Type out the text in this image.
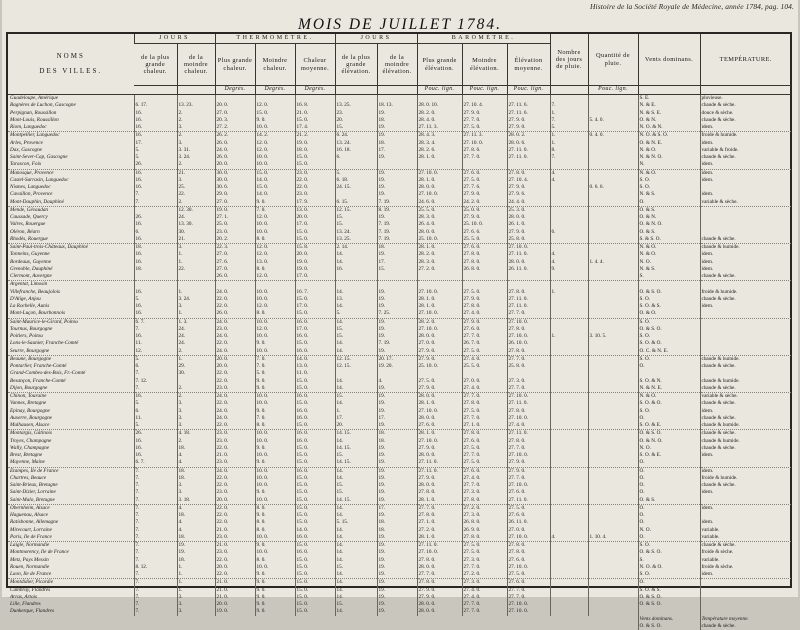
Histoire de la Société Royale de Médecine, année 1784, pag. 104.
MOIS DE JUILLET 1784.
NOMS

DES VILLES.	JOURS		THERMOMÈTRE.			JOURS		BAROMÈTRE.			Nombre des jours de pluie.	Quantité de pluie.	Vents dominans.	TEMPÉRATURE.
	de la plus grande chaleur.	de la moindre chaleur.	Plus grande chaleur.	Moindre chaleur.	Chaleur moyenne.	de la plus grande élévation.	de la moindre élévation.	Plus grande élévation.	Moindre élévation.	Élévation moyenne.				
			Degrés.	Degrés.	Degrés.			Pouc. lign.	Pouc. lign.	Pouc. lign.		Pouc. lign.		
Guadeloupe, Amérique													S. E.	pluvieuse.
Bagnères de Luchon, Gascogne	6. 17.	13. 23.	20. 0.	12. 0.	16. 8.	13. 25.	18. 13.	28. 0. 10.	27. 10. 4.	27. 11. 6.	7.		N. & E.	chaude & sèche.
Perpignan, Roussillon	16.	2.	27. 0.	15. 0.	21. 0.	23.	19.	28. 2. 0.	27. 9. 0.	27. 11. 6.	1.		N. & S. E.	douce & sèche.
Mont-Louis, Roussillon	16.	2.	20. 3.	9. 0.	15. 0.	20.	18.	28. 4. 0.	27. 7. 0.	27. 9. 0.	7.	5. 4. 0.	O. & N.	chaude & sèche.
Riom, Languedoc	16.	3.	27. 2.	10. 0.	17. 4.	15.	19.	27. 11. 3.	27. 5. 0.	27. 9. 0.	5.		N. O. & N.	idem.
Montpellier, Languedoc	16.	2.	26. 2.	14. 2.	21. 2.	6. 24.	19.	28. 4. 3.	27. 11. 3.	28. 0. 2.	1.	0. 4. 0.	N. O. & S. O.	froide & humide.
Arles, Provence	17.	3.	26. 0.	12. 0.	19. 0.	13. 24.	18.	28. 3. 4.	27. 10. 0.	28. 0. 6.	1.		O. & N. E.	idem.
Dax, Gascogne	5.	3. 31.	24. 0.	12. 0.	18. 0.	16. 18.	17.	28. 2. 6.	27. 8. 6.	27. 11. 0.	8.		N. & O.	variable & froide.
Saint-Sever-Cap, Gascogne	5.	3. 24.	26. 0.	10. 0.	15. 0.	6.	19.	28. 1. 0.	27. 7. 0.	27. 11. 0.	7.		N. & N. O.	chaude & sèche.
Tarascon, Foix	26.	2.	20. 0.	10. 0.	15. 0.								N.	idem.
Manosque, Provence	16.	21.	30. 0.	15. 0.	23. 0.	5.	19.	27. 10. 0.	27. 6. 0.	27. 8. 0.	4.		N. & O.	idem.
Castel-Sarrasin, Languedoc	16.	3.	30. 0.	14. 0.	22. 0.	6. 18.	19.	28. 1. 0.	27. 5. 0.	27. 10. 4.	4.		S. O.	idem.
Nismes, Languedoc	16.	25.	30. 6.	15. 0.	22. 0.	24. 15.	19.	28. 0. 0.	27. 7. 6.	27. 9. 0.		0. 6. 6.	S. O.	
Cavaillon, Provence	7.	22.	29. 0.	14. 0.	23. 0.		19.	27. 10. 0.	27. 9. 0.	27. 9. 6.			N. & S.	idem.
Mont-Dauphin, Dauphiné	7.	2.	27. 0.	9. 0.	17. 9.	6. 15.	7. 19.	24. 6. 0.	24. 2. 0.	24. 4. 0.			O.	variable & sèche.
Mende, Gévaudan		12. 30.	19. 0.	7. 0.	13. 0.	12. 15.	8. 19.	25. 5. 0.	25. 0. 0.	25. 3. 0.			O. & S.	
Caussade, Quercy	26.	24.	27. 1.	12. 0.	20. 0.	15.	19.	28. 3. 0.	27. 9. 0.	28. 0. 0.			O. & N.	
Valres, Rouergue	16.	13. 30.	25. 0.	10. 0.	17. 0.	15.	7. 19.	26. 4. 0.	25. 10. 0.	26. 1. 0.			O. & N. O.	
Oléron, Béarn	6.	30.	23. 0.	10. 0.	15. 0.	13. 24.	7. 19.	28. 0. 0.	27. 6. 6.	27. 9. 0.	6.		O. & S.	
Rhodès, Rouergue	16.	21.	20. 2.	8. 0.	15. 0.	13. 25.	7. 19.	25. 10. 0.	25. 5. 0.	25. 8. 0.			S. & S. O.	chaude & sèche.
Saint-Paul-trois-Châteaux, Dauphiné	18.	3.	22. 3.	12. 0.	15. 8.	2. 14.	18.	28. 1. 0.	27. 6. 0.	27. 10. 0.			N. & O.	chaude & humide.
Tonneins, Guyenne	16.	1.	27. 0.	12. 0.	20. 0.	14.	19.	28. 2. 0.	27. 8. 0.	27. 11. 0.	4.		N. & O.	idem.
Bordeaux, Guyenne	16.	1.	27. 6.	13. 0.	19. 0.	14.	17.	28. 3. 0.	27. 8. 0.	28. 0. 0.	4.	1. 4. 4.	N. O.	idem.
Grenoble, Dauphiné	18.	22.	27. 0.	8. 0.	19. 0.	16.	15.	27. 2. 0.	26. 8. 0.	26. 11. 0.	9.		N. & S.	idem.
Clermont, Auvergne			26. 0.	12. 0.	17. 0.								S.	chaude & sèche.
Argentat, Limosin														
Villefranche, Beaujolois	16.	1.	24. 0.	10. 0.	16. 7.	14.	19.	27. 10. 0.	27. 5. 0.	27. 8. 0.	1.		O. & S. O.	froide & humide.
D'Alige, Anjou	5.	3. 24.	22. 0.	10. 0.	15. 0.	13.	19.	28. 1. 0.	27. 9. 0.	27. 11. 0.			S. O.	chaude & sèche.
La Rochelle, Aunis	16.	3.	22. 0.	12. 0.	17. 0.	14.	19.	28. 1. 0.	27. 8. 0.	27. 11. 0.			S. O. & S.	idem.
Mont-Luçon, Bourbonnois	16.	1.	26. 0.	8. 0.	15. 0.	5.	7. 25.	27. 10. 0.	27. 4. 0.	27. 7. 0.			O. & O.	
Saint-Maurice-le-Girard, Poitou	6. 7.	1. 3.	24. 0.	10. 0.	16. 0.	14.	19.	28. 2. 0.	27. 9. 0.	27. 10. 0.			S. O.	
Tournus, Bourgogne	7.	24.	23. 0.	12. 0.	17. 0.	15.	19.	27. 10. 0.	27. 6. 0.	27. 8. 0.			O. & S. O.	
Poitiers, Poitou	16.	24.	24. 0.	10. 0.	16. 0.	15.	19.	28. 0. 0.	27. 7. 0.	27. 10. 0.	1.	3. 10. 5.	S. O.	
Lons-le-Saunier, Franche-Comté	11.	24.	22. 0.	9. 0.	15. 0.	14.	7. 19.	27. 0. 0.	26. 7. 0.	26. 10. 0.			S. O. & O.	
Seurre, Bourgogne	12.	2.	24. 0.	10. 0.	16. 0.	14.	19.	27. 9. 0.	27. 5. 0.	27. 8. 0.			O. C. & N. E.	
Beaune, Bourgogne	5.	1.	20. 0.	7. 0.	14. 0.	12. 15.	20. 17.	27. 9. 0.	27. 4. 0.	27. 7. 0.			S. O.	chaude & humide.
Pontarlier, Franche-Comté	6.	29.	20. 0.	7. 0.	13. 0.	12. 15.	19. 20.	25. 10. 0.	25. 5. 0.	25. 8. 0.			O.	chaude & sèche.
Grand-Combes-des-Bois, Fr.-Comté	7.	30.	22. 0.	5. 0.	11. 0.									
Besançon, Franche-Comté	7. 12.		22. 0.	9. 0.	15. 0.	14.	4.	27. 5. 0.	27. 0. 0.	27. 3. 0.			S. O. & N.	chaude & humide.
Dijon, Bourgogne	7.	2.	23. 0.	9. 0.	15. 0.	14.	19.	27. 9. 0.	27. 4. 0.	27. 7. 0.			N. & N. E.	chaude & sèche.
Chinon, Touraine	16.	2.	24. 0.	10. 0.	16. 0.	15.	19.	28. 0. 0.	27. 7. 0.	27. 10. 0.			N. & O.	variable & sèche.
Vannes, Bretagne	5.	3.	22. 0.	10. 0.	15. 0.	14.	19.	28. 1. 0.	27. 8. 0.	27. 11. 0.			S. O. & O.	chaude & sèche.
Epinay, Bourgogne	6.	3.	24. 0.	9. 0.	16. 0.	1.	19.	27. 10. 0.	27. 5. 0.	27. 8. 0.			S. O.	idem.
Auxerre, Bourgogne	11.	3.	24. 0.	7. 0.	16. 0.	17.	17.	28. 0. 0.	27. 7. 0.	27. 10. 0.			O.	chaude & sèche.
Mulhausen, Alsace	5.	3.	22. 0.	8. 0.	15. 0.	20.	19.	27. 6. 0.	27. 1. 0.	27. 4. 0.			S. O. & E.	chaude & humide.
Montargis, Gâtinois	26.	4. 18.	23. 0.	10. 0.	16. 0.	14. 15.	18.	28. 1. 0.	27. 8. 0.	27. 11. 0.			O. & S. O.	chaude & sèche.
Troyes, Champagne	16.	2.	23. 0.	10. 0.	16. 0.	14.	18.	27. 10. 0.	27. 6. 0.	27. 8. 0.			O. & N. O.	chaude & humide.
Wally, Champagne	16.	18.	22. 0.	9. 0.	15. 0.	14. 15.	19.	27. 9. 0.	27. 5. 0.	27. 7. 0.			N. O.	chaude & sèche.
Brest, Bretagne	16.	4.	21. 0.	10. 0.	15. 0.	15.	19.	28. 0. 0.	27. 7. 0.	27. 10. 0.			S. O. & E.	idem.
Mayenne, Maine	6. 7.	4.	23. 0.	9. 0.	15. 0.	14. 15.	19.	27. 11. 0.	27. 5. 0.	27. 9. 0.			O.	
Etampes, Ile de France	7.	18.	24. 0.	10. 0.	16. 0.	14.	19.	27. 11. 0.	27. 6. 0.	27. 9. 0.			O.	idem.
Chartres, Beauce	7.	18.	22. 0.	10. 0.	15. 0.	14.	19.	27. 9. 0.	27. 4. 0.	27. 7. 0.			O.	froide & humide.
Saint-Brieux, Bretagne	7.	3.	22. 0.	10. 0.	15. 0.	15.	19.	28. 0. 0.	27. 7. 0.	27. 10. 0.			O.	chaude & sèche.
Saint-Dizier, Lorraine	7.	3.	23. 0.	9. 0.	15. 0.	15.	19.	27. 8. 0.	27. 3. 0.	27. 6. 0.			O.	idem.
Saint-Malo, Bretagne	7.	3. 18.	20. 0.	10. 0.	15. 0.	14. 15.	19.	28. 1. 0.	27. 8. 0.	27. 11. 0.			O. & S.	
Obernheim, Alsace	7.	4.	22. 0.	8. 0.	15. 0.	14.	17.	27. 7. 0.	27. 2. 0.	27. 5. 0.			O.	idem.
Haguenau, Alsace	7.	18.	22. 0.	9. 0.	15. 0.	14.	19.	27. 8. 0.	27. 3. 0.	27. 6. 0.			O.	
Ratisbonne, Allemagne	7.	4.	22. 0.	8. 0.	15. 0.	5. 15.	18.	27. 1. 0.	26. 8. 0.	26. 11. 0.			O.	idem.
Mirecourt, Lorraine	7.	4.	21. 0.	8. 0.	14. 0.	14.	18.	27. 2. 0.	26. 9. 0.	27. 0. 0.			N. O.	variable.
Paris, Ile de France	7.	18.	23. 0.	10. 0.	16. 0.	14.	19.	28. 1. 0.	27. 8. 0.	27. 10. 0.	4.	1. 10. 4.	O.	variable.
Laigle, Normandie	7.	19.	21. 0.	9. 0.	15. 0.	14.	19.	27. 11. 0.	27. 5. 0.	27. 8. 0.			S. O.	chaude & sèche.
Montmorency, Ile de France	7.	19.	23. 0.	10. 0.	16. 0.	14.	19.	27. 10. 0.	27. 5. 0.	27. 8. 0.			O. & S. O.	froide & sèche.
Metz, Pays Messin	7.	18.	22. 0.	8. 0.	15. 0.	14.	19.	27. 8. 0.	27. 3. 0.	27. 6. 0.			S.	variable.
Rouen, Normandie	8. 12.	1.	20. 0.	10. 0.	15. 0.	15.	19.	28. 0. 0.	27. 7. 0.	27. 10. 0.			N. O. & O.	froide & sèche.
Laon, Ile de France	7.	1.	22. 0.	9. 0.	15. 0.	14.	19.	27. 7. 0.	27. 2. 0.	27. 5. 0.			S. O.	idem.
Montdidier, Picardie	7.	1.	21. 0.	9. 0.	15. 0.	14.	19.	27. 8. 0.	27. 3. 0.	27. 6. 0.			O.	
Cambray, Flandres	7.	1.	21. 0.	9. 0.	15. 0.	14.	19.	27. 9. 0.	27. 4. 0.	27. 7. 0.			S. O. & S.	
Arras, Artois	7.	3.	21. 0.	9. 0.	15. 0.	14.	19.	27. 9. 0.	27. 4. 0.	27. 7. 0.			O. & S. O.	
Lille, Flandres	7.	3.	20. 0.	9. 0.	15. 0.	15.	19.	28. 0. 0.	27. 7. 0.	27. 10. 0.			O. & S. O.	
Dunkerque, Flandres	7.	3.	19. 0.	9. 0.	15. 0.	14.	19.	28. 0. 0.	27. 7. 0.	27. 10. 0.				
													Vents dominans.	Température moyenne.
													O. & S. O.	chaude & sèche.
